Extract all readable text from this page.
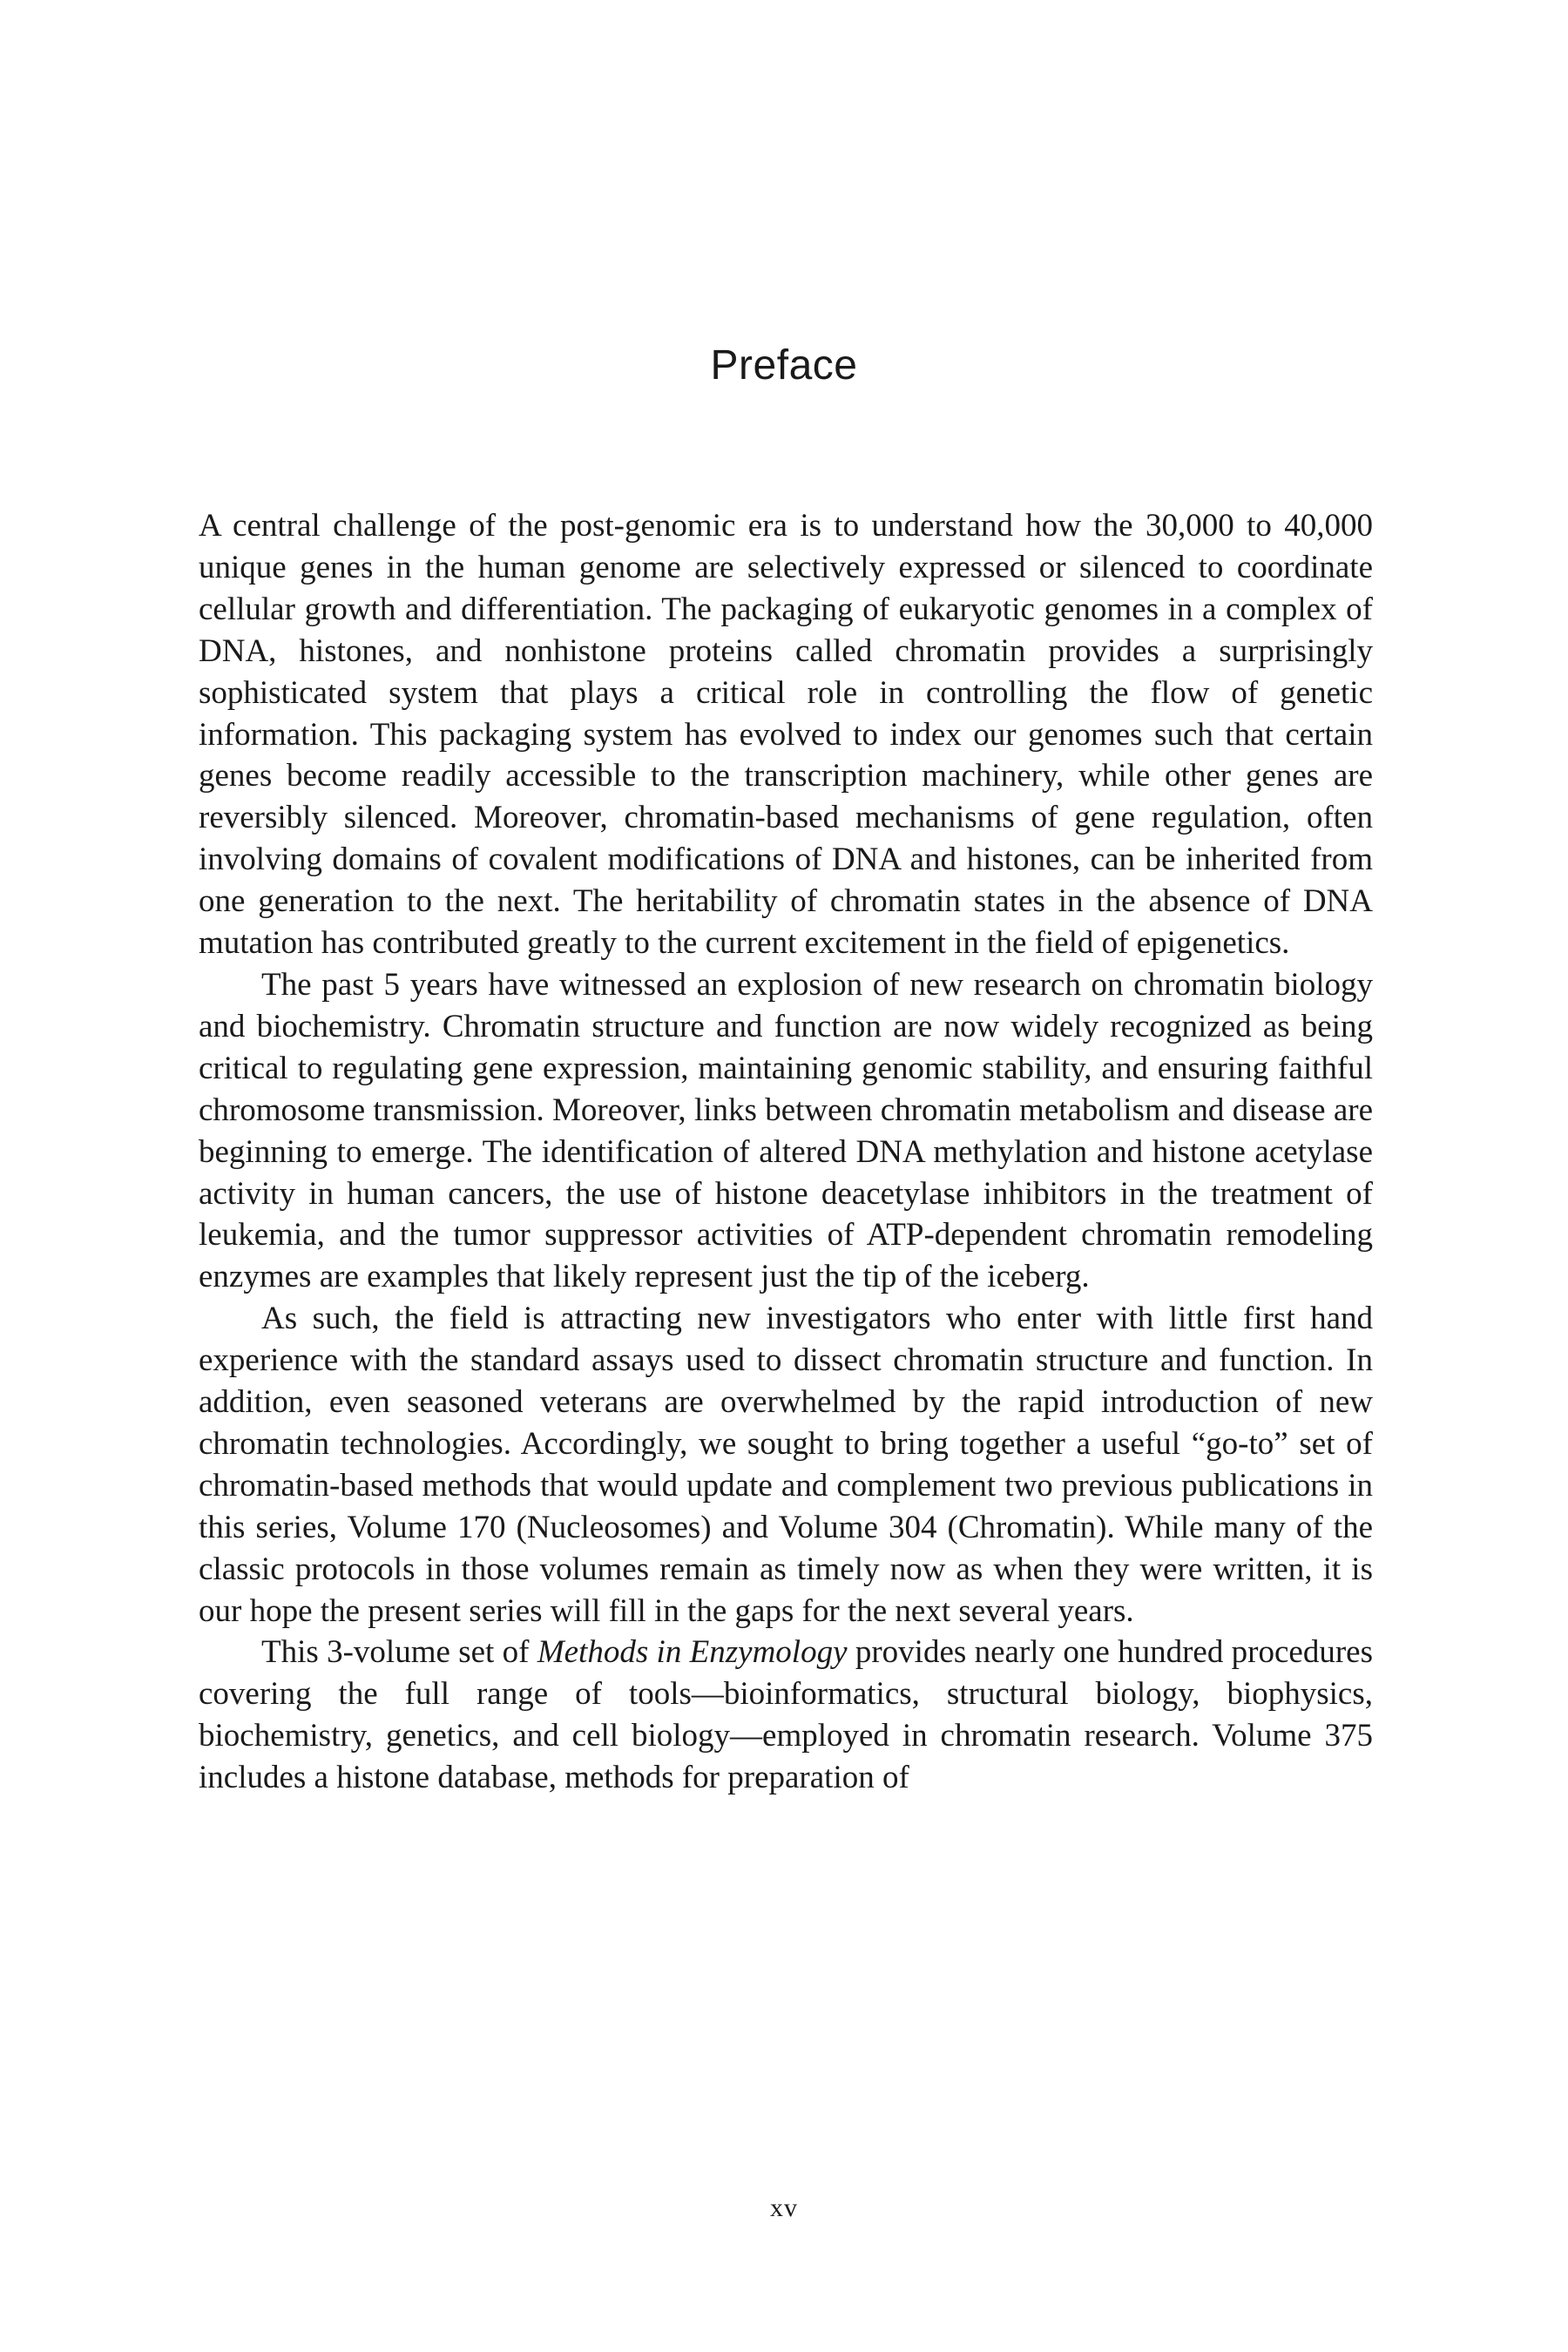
Preface

A central challenge of the post-genomic era is to understand how the 30,000 to 40,000 unique genes in the human genome are selectively expressed or silenced to coordinate cellular growth and differentiation. The packaging of eukaryotic genomes in a complex of DNA, histones, and nonhistone proteins called chromatin provides a surprisingly sophisticated system that plays a critical role in controlling the flow of genetic information. This packaging system has evolved to index our genomes such that certain genes become readily accessible to the transcription machinery, while other genes are reversibly silenced. Moreover, chromatin-based mechanisms of gene regulation, often involving domains of covalent modifications of DNA and histones, can be inherited from one generation to the next. The heritability of chromatin states in the absence of DNA mutation has contributed greatly to the current excitement in the field of epigenetics.

The past 5 years have witnessed an explosion of new research on chromatin biology and biochemistry. Chromatin structure and function are now widely recognized as being critical to regulating gene expression, maintaining genomic stability, and ensuring faithful chromosome transmission. Moreover, links between chromatin metabolism and disease are beginning to emerge. The identification of altered DNA methylation and histone acetylase activity in human cancers, the use of histone deacetylase inhibitors in the treatment of leukemia, and the tumor suppressor activities of ATP-dependent chromatin remodeling enzymes are examples that likely represent just the tip of the iceberg.

As such, the field is attracting new investigators who enter with little first hand experience with the standard assays used to dissect chromatin structure and function. In addition, even seasoned veterans are overwhelmed by the rapid introduction of new chromatin technologies. Accordingly, we sought to bring together a useful “go-to” set of chromatin-based methods that would update and complement two previous publications in this series, Volume 170 (Nucleosomes) and Volume 304 (Chromatin). While many of the classic protocols in those volumes remain as timely now as when they were written, it is our hope the present series will fill in the gaps for the next several years.

This 3-volume set of Methods in Enzymology provides nearly one hundred procedures covering the full range of tools—bioinformatics, structural biology, biophysics, biochemistry, genetics, and cell biology—employed in chromatin research. Volume 375 includes a histone database, methods for preparation of

xv
